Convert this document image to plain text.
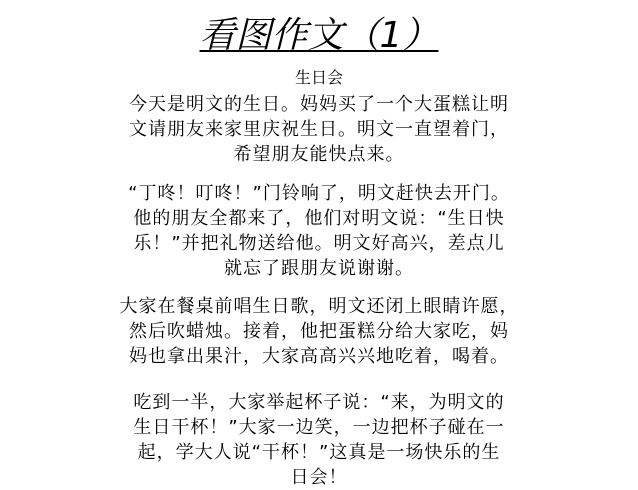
看图作文（1）
生日会
今天是明文的生日。妈妈买了一个大蛋糕让明
文请朋友来家里庆祝生日。明文一直望着门，
希望朋友能快点来。
“丁咚！叮咚！”门铃响了，明文赶快去开门。
他的朋友全都来了，他们对明文说：“生日快
乐！”并把礼物送给他。明文好高兴，差点儿
就忘了跟朋友说谢谢。
大家在餐桌前唱生日歌，明文还闭上眼睛许愿，
然后吹蜡烛。接着，他把蛋糕分给大家吃，妈
妈也拿出果汁，大家高高兴兴地吃着，喝着。
吃到一半，大家举起杯子说：“来，为明文的
生日干杯！”大家一边笑，一边把杯子碰在一
起，学大人说“干杯！”这真是一场快乐的生
日会！
